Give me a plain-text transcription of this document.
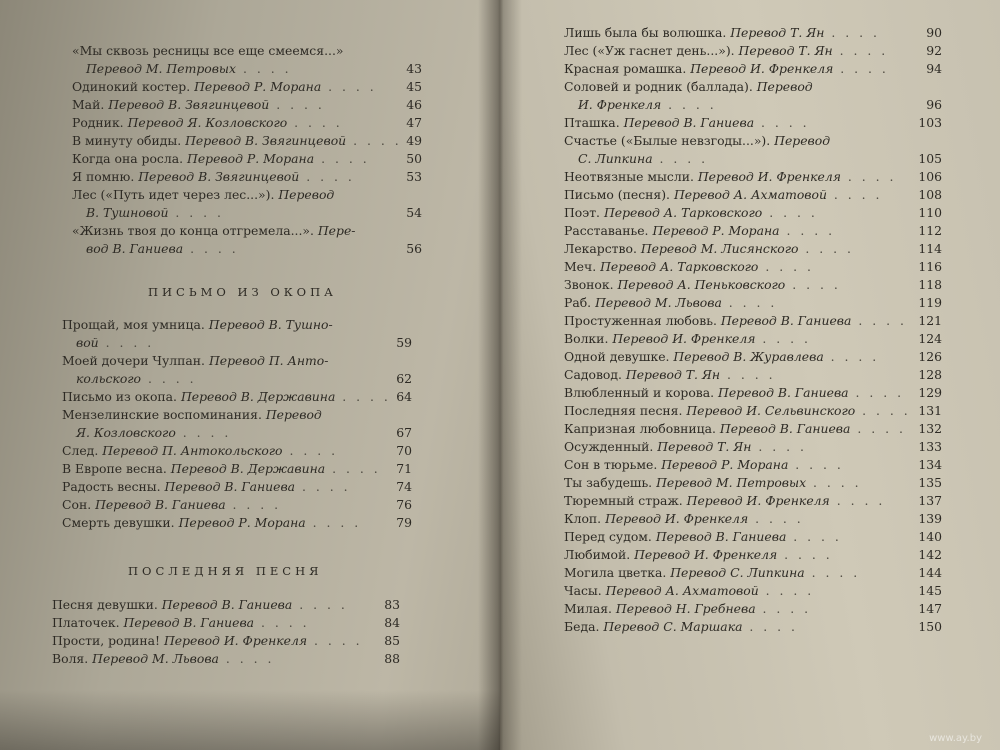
«Мы сквозь ресницы все еще смеемся...»
Перевод М. Петровых . . . .	43
Одинокий костер. Перевод Р. Морана . . . .	45
Май. Перевод В. Звягинцевой . . . .	46
Родник. Перевод Я. Козловского . . . .	47
В минуту обиды. Перевод В. Звягинцевой . . . . 49
Когда она росла. Перевод Р. Морана . . . .	50
Я помню. Перевод В. Звягинцевой . . . .	53
Лес («Путь идет через лес...»). Перевод
В. Тушновой . . . .	54
«Жизнь твоя до конца отгремела...». Пере-
вод В. Ганиева . . . .	56
ПИСЬМО ИЗ ОКОПА
Прощай, моя умница. Перевод В. Тушно-
вой . . . .	59
Моей дочери Чулпан. Перевод П. Анто-
кольского . . . .	62
Письмо из окопа. Перевод В. Державина . . . . 64
Мензелинские воспоминания. Перевод
Я. Козловского . . . .	67
След. Перевод П. Антокольского . . . .	70
В Европе весна. Перевод В. Державина . . . .	71
Радость весны. Перевод В. Ганиева . . . .	74
Сон. Перевод В. Ганиева . . . .	76
Смерть девушки. Перевод Р. Морана . . . .	79
ПОСЛЕДНЯЯ ПЕСНЯ
Песня девушки. Перевод В. Ганиева . . . .	83
Платочек. Перевод В. Ганиева . . . .	84
Прости, родина! Перевод И. Френкеля . . . .	85
Воля. Перевод М. Львова . . . .	88
Лишь была бы волюшка. Перевод Т. Ян . . . .	90
Лес («Уж гаснет день...»). Перевод Т. Ян . . . .	92
Красная ромашка. Перевод И. Френкеля . . . .	94
Соловей и родник (баллада). Перевод
И. Френкеля . . . .	96
Пташка. Перевод В. Ганиева . . . .	103
Счастье («Былые невзгоды...»). Перевод
С. Липкина . . . .	105
Неотвязные мысли. Перевод И. Френкеля . . . .	106
Письмо (песня). Перевод А. Ахматовой . . . .	108
Поэт. Перевод А. Тарковского . . . .	110
Расставанье. Перевод Р. Морана . . . .	112
Лекарство. Перевод М. Лисянского . . . .	114
Меч. Перевод А. Тарковского . . . .	116
Звонок. Перевод А. Пеньковского . . . .	118
Раб. Перевод М. Львова . . . .	119
Простуженная любовь. Перевод В. Ганиева . . . . 121
Волки. Перевод И. Френкеля . . . .	124
Одной девушке. Перевод В. Журавлева . . . .	126
Садовод. Перевод Т. Ян . . . .	128
Влюбленный и корова. Перевод В. Ганиева . . . .	129
Последняя песня. Перевод И. Сельвинского . . . . 131
Капризная любовница. Перевод В. Ганиева . . . .	132
Осужденный. Перевод Т. Ян . . . .	133
Сон в тюрьме. Перевод Р. Морана . . . .	134
Ты забудешь. Перевод М. Петровых . . . .	135
Тюремный страж. Перевод И. Френкеля . . . .	137
Клоп. Перевод И. Френкеля . . . .	139
Перед судом. Перевод В. Ганиева . . . .	140
Любимой. Перевод И. Френкеля . . . .	142
Могила цветка. Перевод С. Липкина . . . .	144
Часы. Перевод А. Ахматовой . . . .	145
Милая. Перевод Н. Гребнева . . . .	147
Беда. Перевод С. Маршака . . . .	150
www.ay.by
